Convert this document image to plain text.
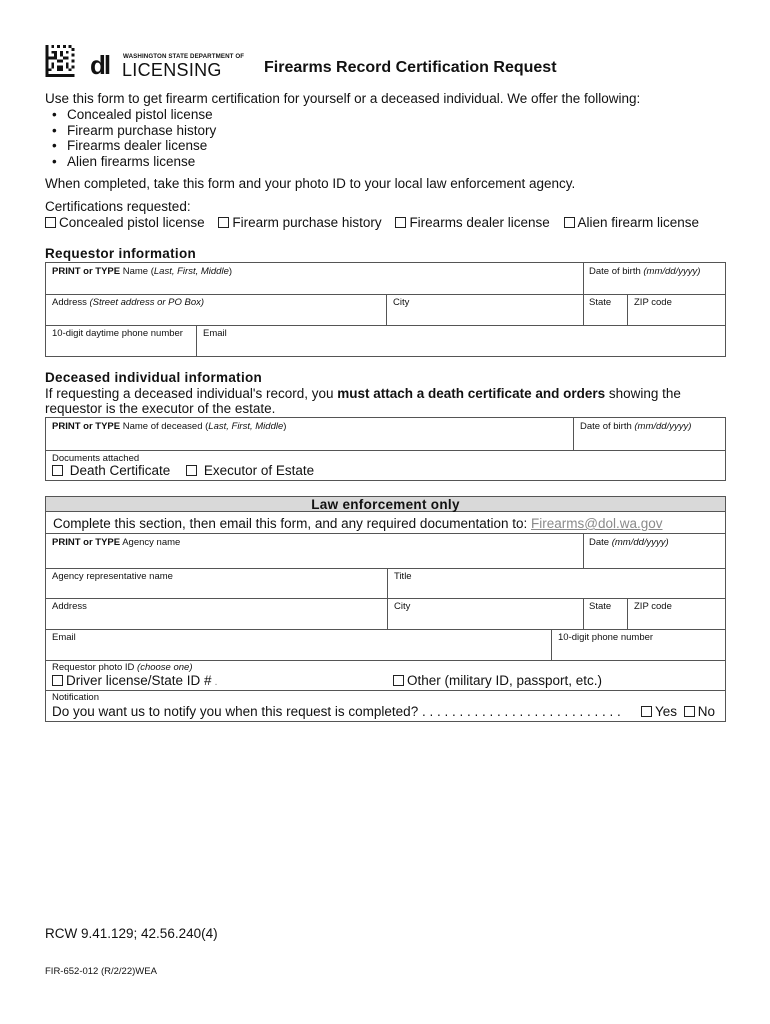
dl WASHINGTON STATE DEPARTMENT OF
LICENSING	Firearms Record Certification Request
Use this form to get firearm certification for yourself or a deceased individual. We offer the following:
• Concealed pistol license
• Firearm purchase history
• Firearms dealer license
• Alien firearms license
When completed, take this form and your photo ID to your local law enforcement agency.
Certifications requested:
Concealed pistol license Firearm purchase history Firearms dealer license Alien firearm license
Requestor information
PRINT or TYPE Name (Last, First, Middle)	Date of birth (mm/dd/yyyy)
Address (Street address or PO Box)	City	State ZIP code
10-digit daytime phone number Email
Deceased individual information
If requesting a deceased individual's record, you must attach a death certificate and orders showing the
requestor is the executor of the estate.
PRINT or TYPE Name of deceased (Last, First, Middle)	Date of birth (mm/dd/yyyy)
Documents attached
Death Certificate Executor of Estate
Law enforcement only
Complete this section, then email this form, and any required documentation to: Firearms@dol.wa.gov
PRINT or TYPE Agency name	Date (mm/dd/yyyy)
Agency representative name	Title
Address	City	State ZIP code
Email	10-digit phone number
Requestor photo ID (choose one)
Driver license/State ID # .	Other (military ID, passport, etc.)
Notification
Do you want us to notify you when this request is completed? . . . . . . . . . . . . . . . . . . . . . . . . . . .	Yes No
RCW 9.41.129; 42.56.240(4)
FIR-652-012 (R/2/22)WEA
